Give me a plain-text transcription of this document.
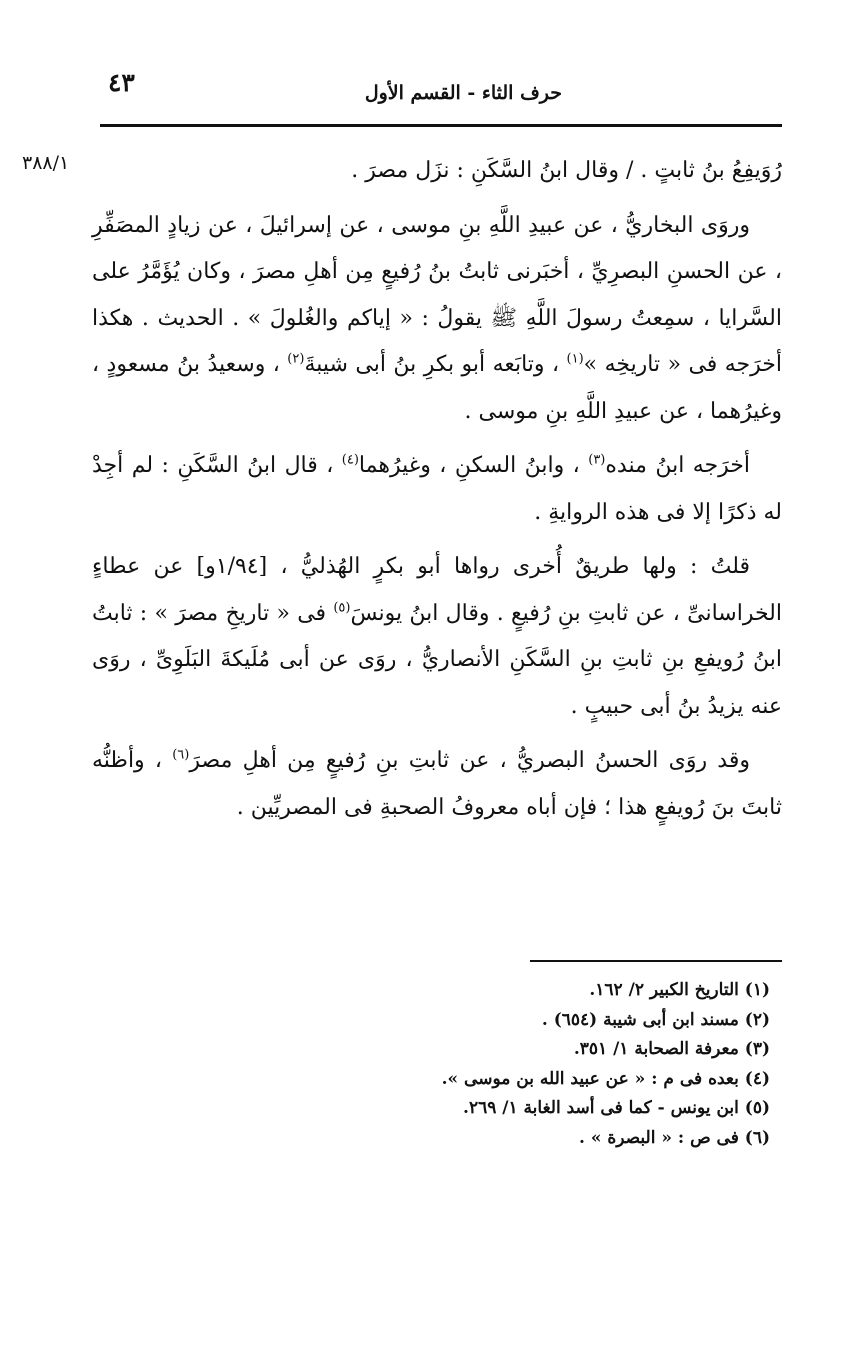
٤٣	حرف الثاء - القسم الأول
٣٨٨/١	رُوَيفِعُ بنُ ثابتٍ . / وقال ابنُ السَّكَنِ : نزَل مصرَ .

وروَى البخاريُّ ، عن عبيدِ اللَّهِ بنِ موسى ، عن إسرائيلَ ، عن زيادٍ المصَفِّرِ ، عن الحسنِ البصرِيِّ ، أخبَرنى ثابتُ بنُ رُفيعٍ مِن أهلِ مصرَ ، وكان يُؤَمَّرُ على السَّرايا ، سمِعتُ رسولَ اللَّهِ ﷺ يقولُ : « إياكم والغُلولَ » . الحديث . هكذا أخرَجه فى « تاريخِه »$^{(١)}$ ، وتابَعه أبو بكرِ بنُ أبى شيبةَ$^{(٢)}$ ، وسعيدُ بنُ مسعودٍ ، وغيرُهما ، عن عبيدِ اللَّهِ بنِ موسى .

أخرَجه ابنُ منده$^{(٣)}$ ، وابنُ السكنِ ، وغيرُهما$^{(٤)}$ ، قال ابنُ السَّكَنِ : لم أجِدْ له ذكرًا إلا فى هذه الروايةِ .

قلتُ : ولها طريقٌ أُخرى رواها أبو بكرٍ الهُذليُّ ، [١/٩٤و] عن عطاءٍ الخراسانىِّ ، عن ثابتِ بنِ رُفيعٍ . وقال ابنُ يونسَ$^{(٥)}$ فى « تاريخِ مصرَ » : ثابتُ ابنُ رُويفعِ بنِ ثابتِ بنِ السَّكَنِ الأنصاريُّ ، روَى عن أبى مُلَيكةَ البَلَوِىِّ ، روَى عنه يزيدُ بنُ أبى حبيبٍ .

وقد روَى الحسنُ البصريُّ ، عن ثابتِ بنِ رُفيعٍ مِن أهلِ مصرَ$^{(٦)}$ ، وأظنُّه ثابتَ بنَ رُويفعٍ هذا ؛ فإن أباه معروفُ الصحبةِ فى المصريِّين .

(١) التاريخ الكبير ٢/ ١٦٢.
(٢) مسند ابن أبى شيبة (٦٥٤) .
(٣) معرفة الصحابة ١/ ٣٥١.
(٤) بعده فى م : « عن عبيد الله بن موسى ».
(٥) ابن يونس - كما فى أسد الغابة ١/ ٢٦٩.
(٦) فى ص : « البصرة » .
